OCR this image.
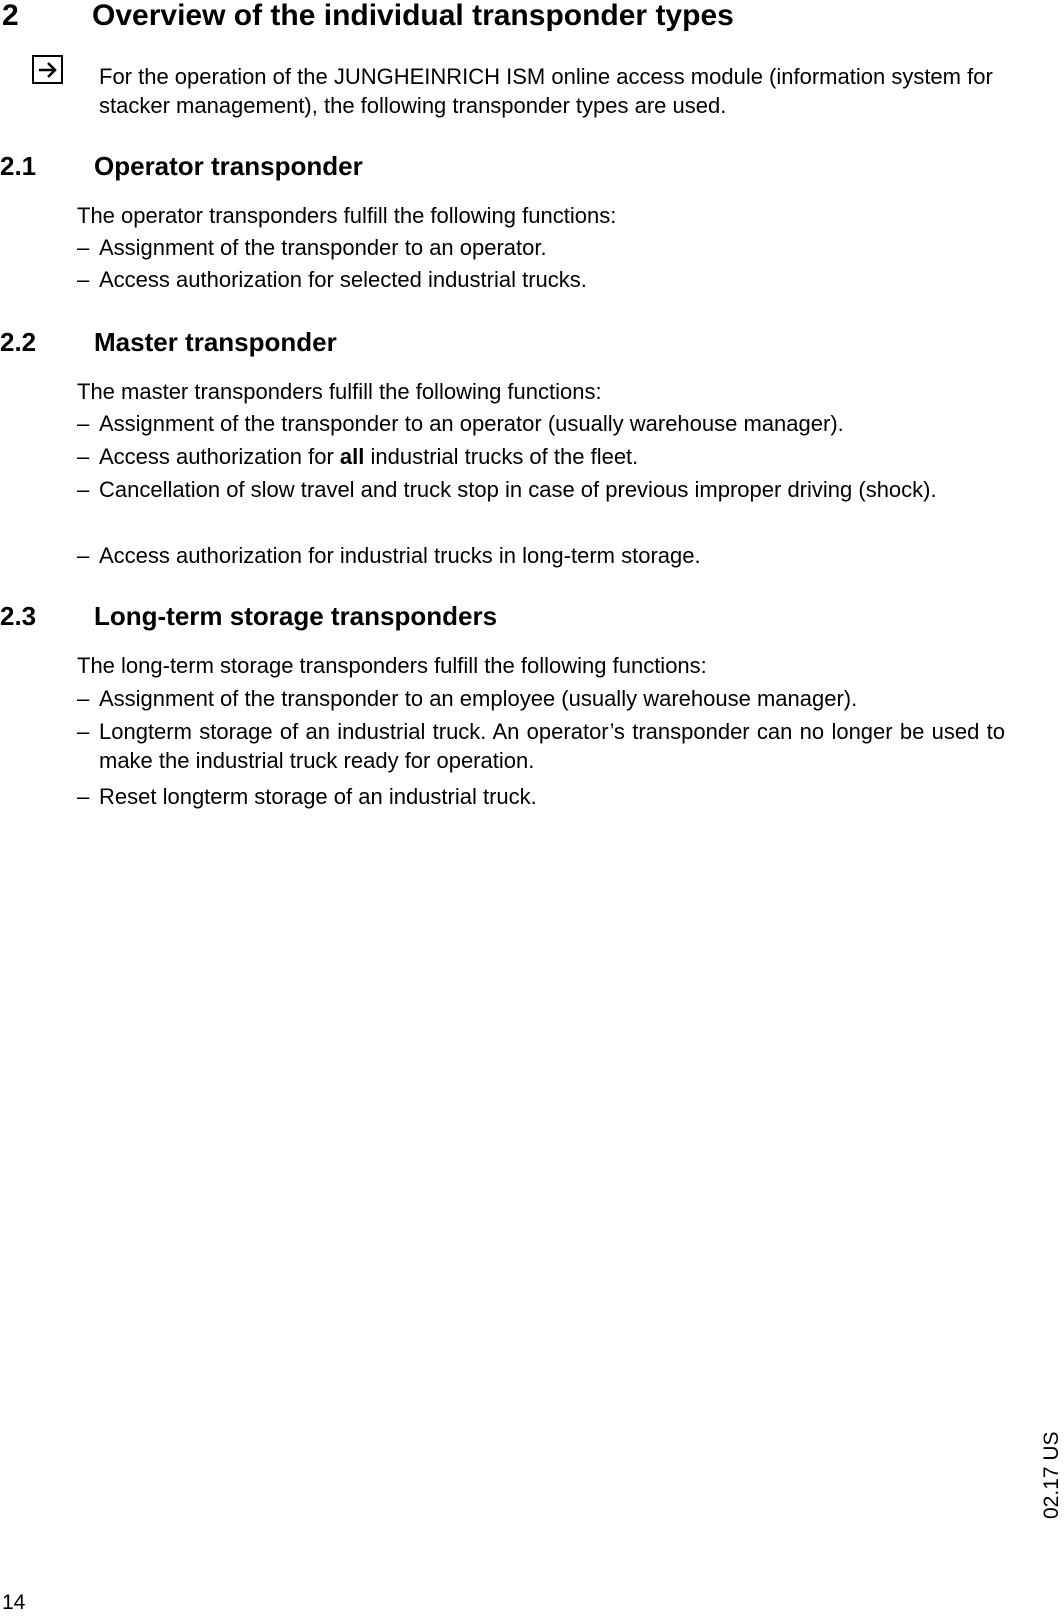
2 Overview of the individual transponder types
For the operation of the JUNGHEINRICH ISM online access module (information system for stacker management), the following transponder types are used.
2.1 Operator transponder
The operator transponders fulfill the following functions:
– Assignment of the transponder to an operator.
– Access authorization for selected industrial trucks.
2.2 Master transponder
The master transponders fulfill the following functions:
– Assignment of the transponder to an operator (usually warehouse manager).
– Access authorization for all industrial trucks of the fleet.
– Cancellation of slow travel and truck stop in case of previous improper driving (shock).
– Access authorization for industrial trucks in long-term storage.
2.3 Long-term storage transponders
The long-term storage transponders fulfill the following functions:
– Assignment of the transponder to an employee (usually warehouse manager).
– Longterm storage of an industrial truck. An operator’s transponder can no longer be used to make the industrial truck ready for operation.
– Reset longterm storage of an industrial truck.
14
02.17 US
